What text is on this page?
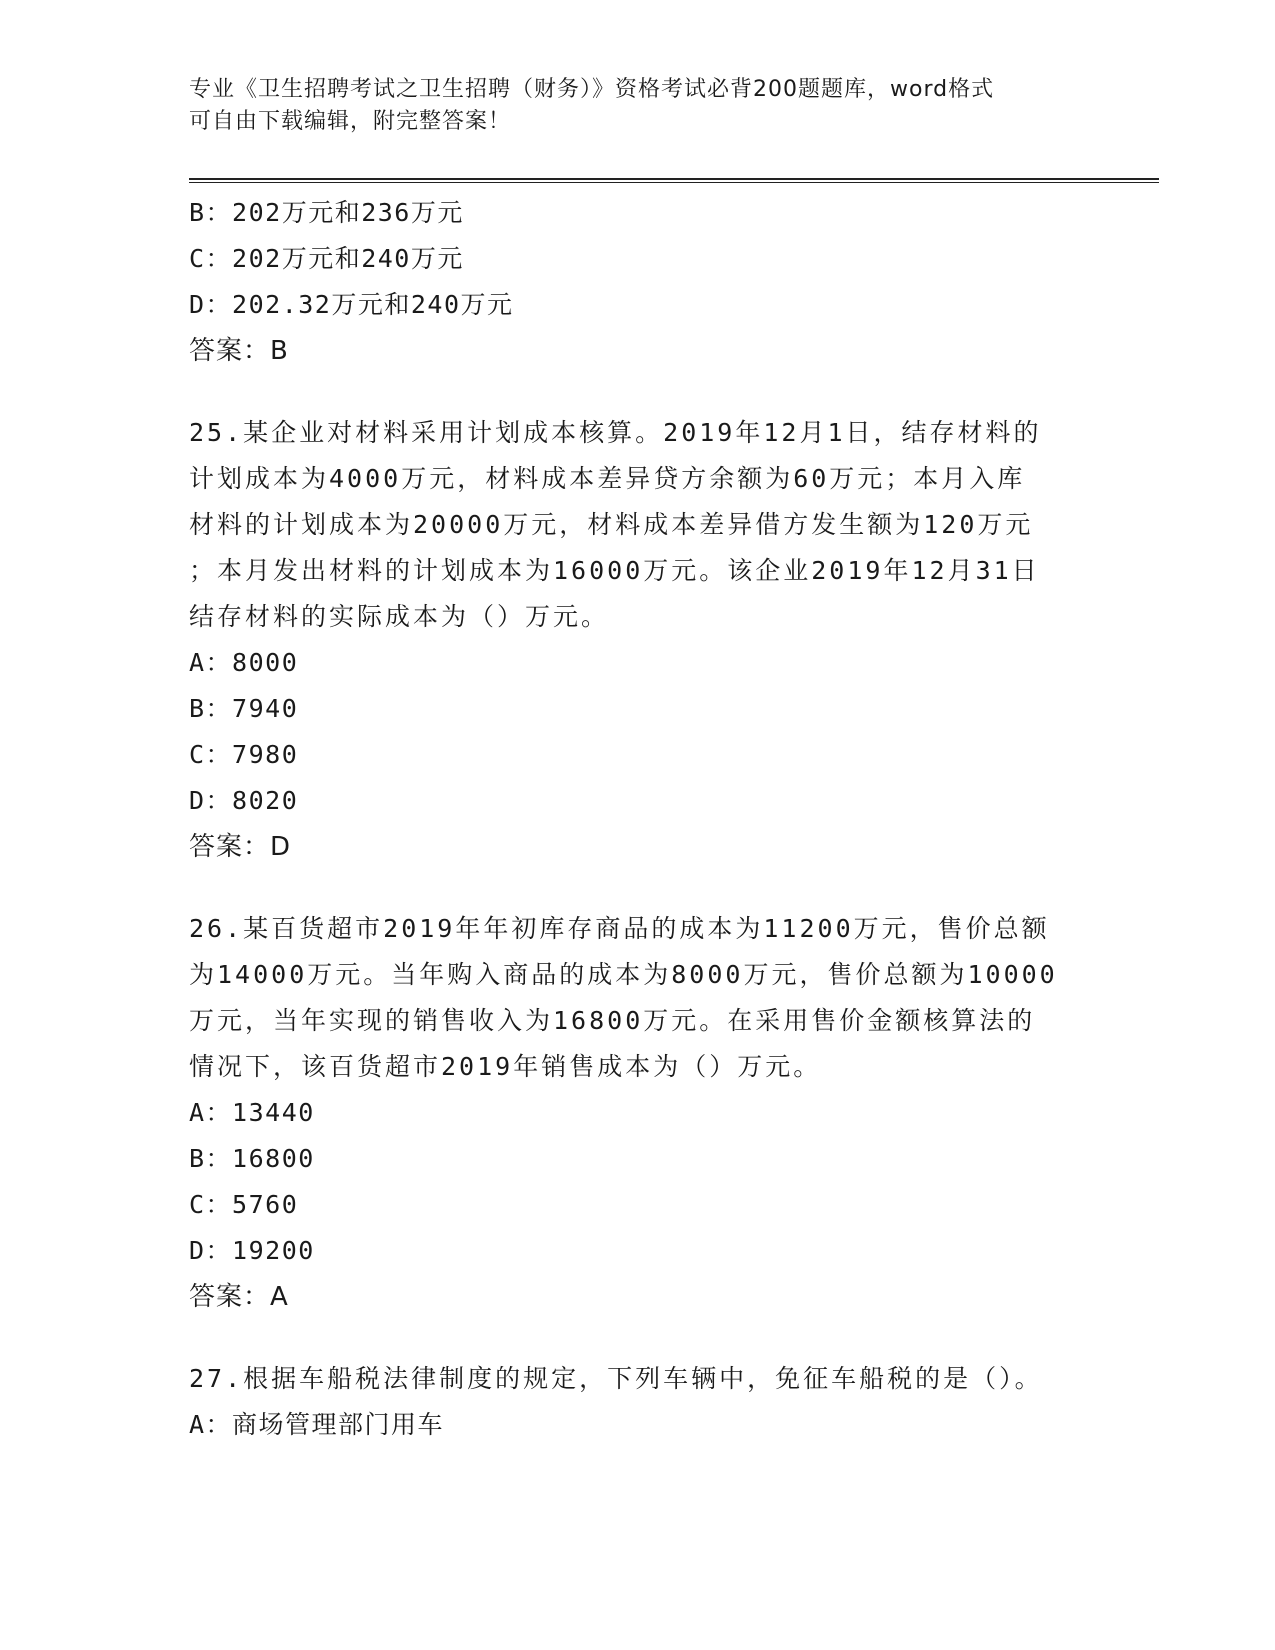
专业《卫生招聘考试之卫生招聘（财务）》资格考试必背200题题库，word格式
可自由下载编辑，附完整答案！
B：202万元和236万元
C：202万元和240万元
D：202.32万元和240万元
答案：B
25.某企业对材料采用计划成本核算。2019年12月1日，结存材料的
计划成本为4000万元，材料成本差异贷方余额为60万元；本月入库
材料的计划成本为20000万元，材料成本差异借方发生额为120万元
；本月发出材料的计划成本为16000万元。该企业2019年12月31日
结存材料的实际成本为（）万元。
A：8000
B：7940
C：7980
D：8020
答案：D
26.某百货超市2019年年初库存商品的成本为11200万元，售价总额
为14000万元。当年购入商品的成本为8000万元，售价总额为10000
万元，当年实现的销售收入为16800万元。在采用售价金额核算法的
情况下，该百货超市2019年销售成本为（）万元。
A：13440
B：16800
C：5760
D：19200
答案：A
27.根据车船税法律制度的规定，下列车辆中，免征车船税的是（）。
A：商场管理部门用车
